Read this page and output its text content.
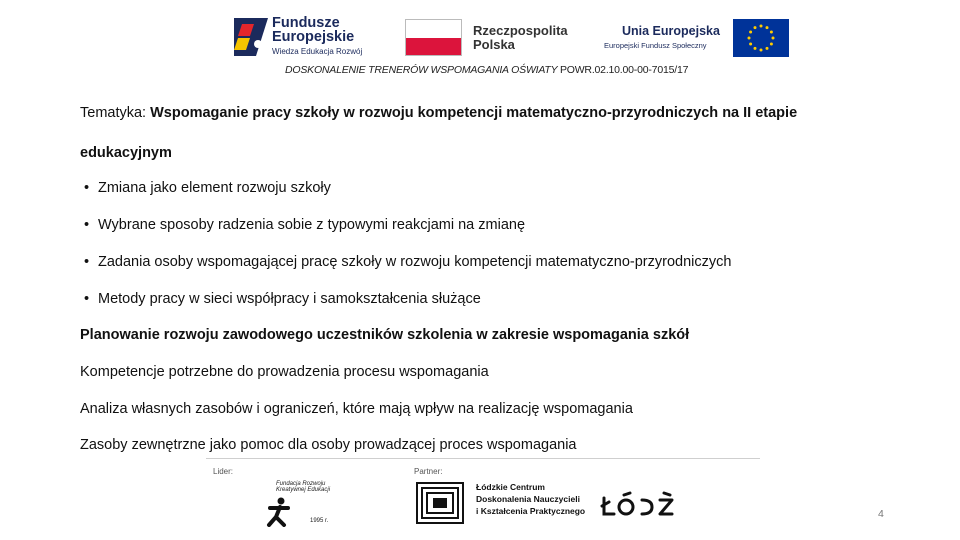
Fundusze
Europejskie
Wiedza Edukacja Rozwój
Rzeczpospolita
Polska
Unia Europejska
Europejski Fundusz Społeczny
DOSKONALENIE TRENERÓW WSPOMAGANIA OŚWIATY POWR.02.10.00-00-7015/17
Tematyka: Wspomaganie pracy szkoły w rozwoju kompetencji matematyczno-przyrodniczych na II etapie
edukacyjnym
• Zmiana jako element rozwoju szkoły
• Wybrane sposoby radzenia sobie z typowymi reakcjami na zmianę
• Zadania osoby wspomagającej pracę szkoły w rozwoju kompetencji matematyczno-przyrodniczych
• Metody pracy w sieci współpracy i samokształcenia służące
Planowanie rozwoju zawodowego uczestników szkolenia w zakresie wspomagania szkół
Kompetencje potrzebne do prowadzenia procesu wspomagania
Analiza własnych zasobów i ograniczeń, które mają wpływ na realizację wspomagania
Zasoby zewnętrzne jako pomoc dla osoby prowadzącej proces wspomagania
Lider:	Partner:
Fundacja Rozwoju
Kreatywnej Edukacji
1995 r.
Łódzkie Centrum
Doskonalenia Nauczycieli
i Kształcenia Praktycznego	4
